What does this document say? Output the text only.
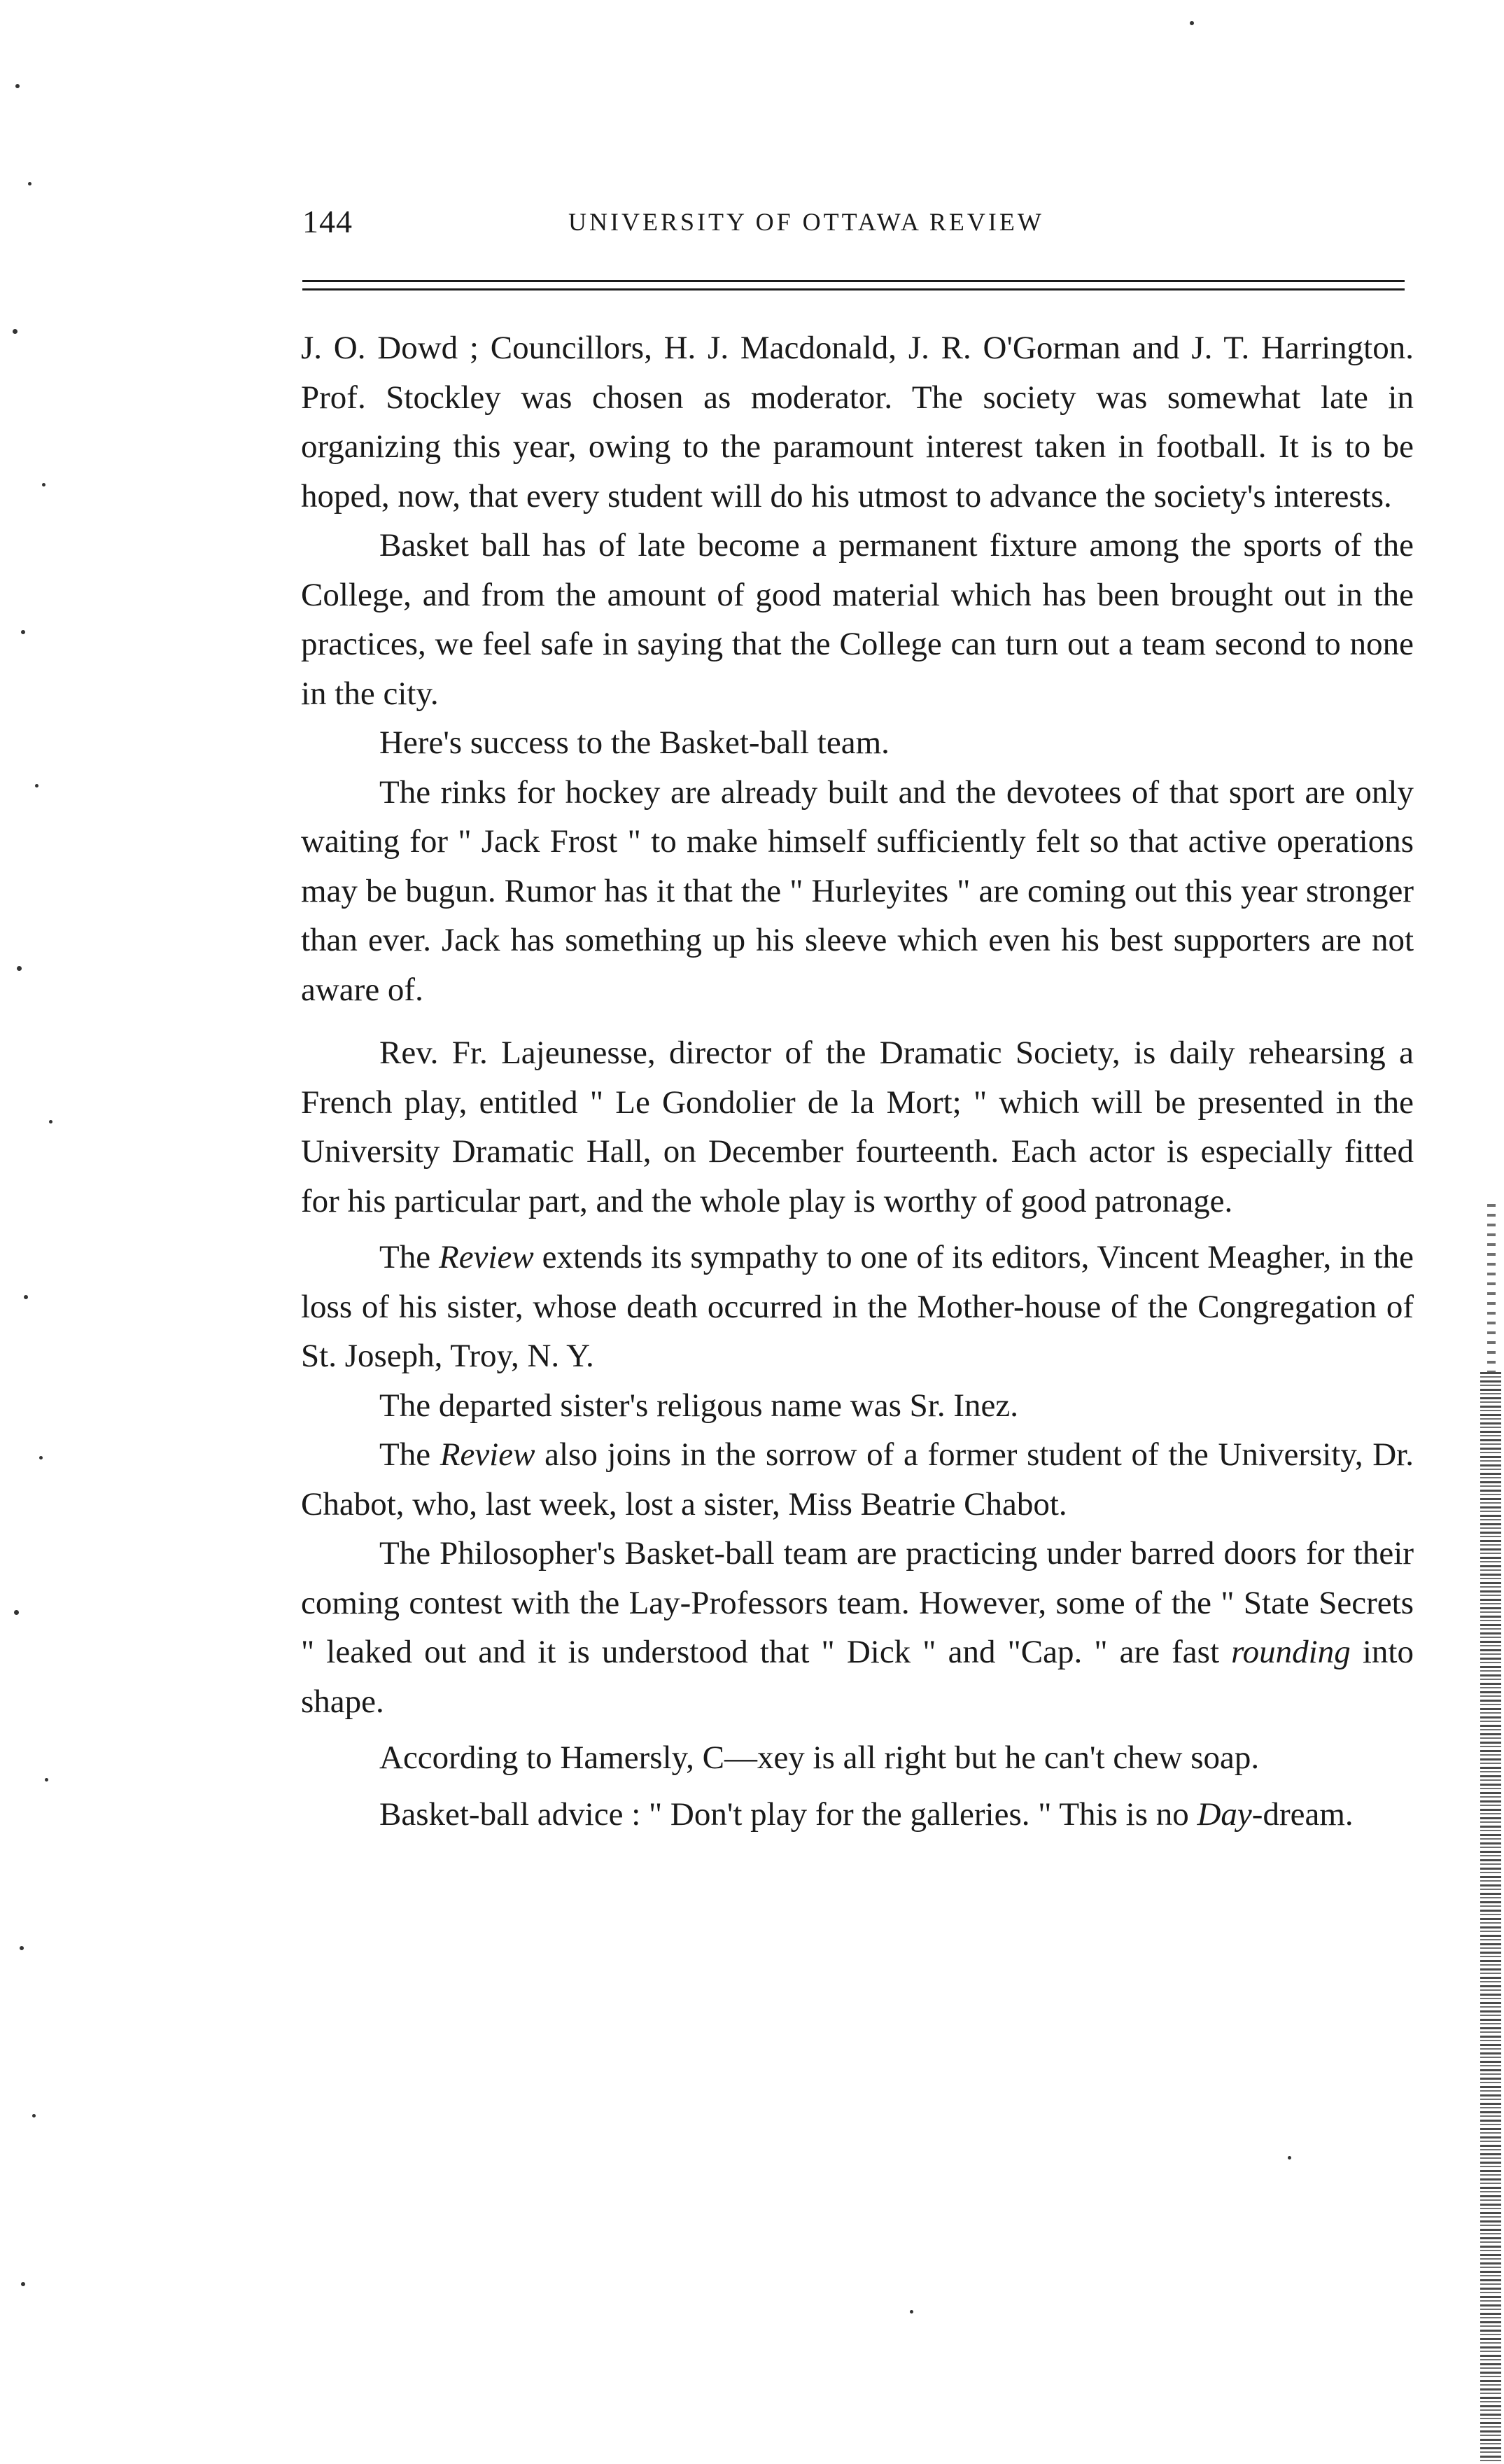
144	UNIVERSITY OF OTTAWA REVIEW

J. O. Dowd ; Councillors, H. J. Macdonald, J. R. O'Gorman and J. T. Harrington. Prof. Stockley was chosen as moderator. The society was somewhat late in organizing this year, owing to the paramount interest taken in football. It is to be hoped, now, that every student will do his utmost to advance the society's interests.

Basket ball has of late become a permanent fixture among the sports of the College, and from the amount of good material which has been brought out in the practices, we feel safe in saying that the College can turn out a team second to none in the city.

Here's success to the Basket-ball team.

The rinks for hockey are already built and the devotees of that sport are only waiting for " Jack Frost " to make himself sufficiently felt so that active operations may be bugun. Rumor has it that the " Hurleyites " are coming out this year stronger than ever. Jack has something up his sleeve which even his best supporters are not aware of.

Rev. Fr. Lajeunesse, director of the Dramatic Society, is daily rehearsing a French play, entitled " Le Gondolier de la Mort; " which will be presented in the University Dramatic Hall, on December fourteenth. Each actor is especially fitted for his particular part, and the whole play is worthy of good patronage.

The Review extends its sympathy to one of its editors, Vincent Meagher, in the loss of his sister, whose death occurred in the Mother-house of the Congregation of St. Joseph, Troy, N. Y.

The departed sister's religous name was Sr. Inez.

The Review also joins in the sorrow of a former student of the University, Dr. Chabot, who, last week, lost a sister, Miss Beatrie Chabot.

The Philosopher's Basket-ball team are practicing under barred doors for their coming contest with the Lay-Professors team. However, some of the " State Secrets " leaked out and it is understood that " Dick " and "Cap. " are fast rounding into shape.

According to Hamersly, C—xey is all right but he can't chew soap.

Basket-ball advice : " Don't play for the galleries. " This is no Day-dream.
